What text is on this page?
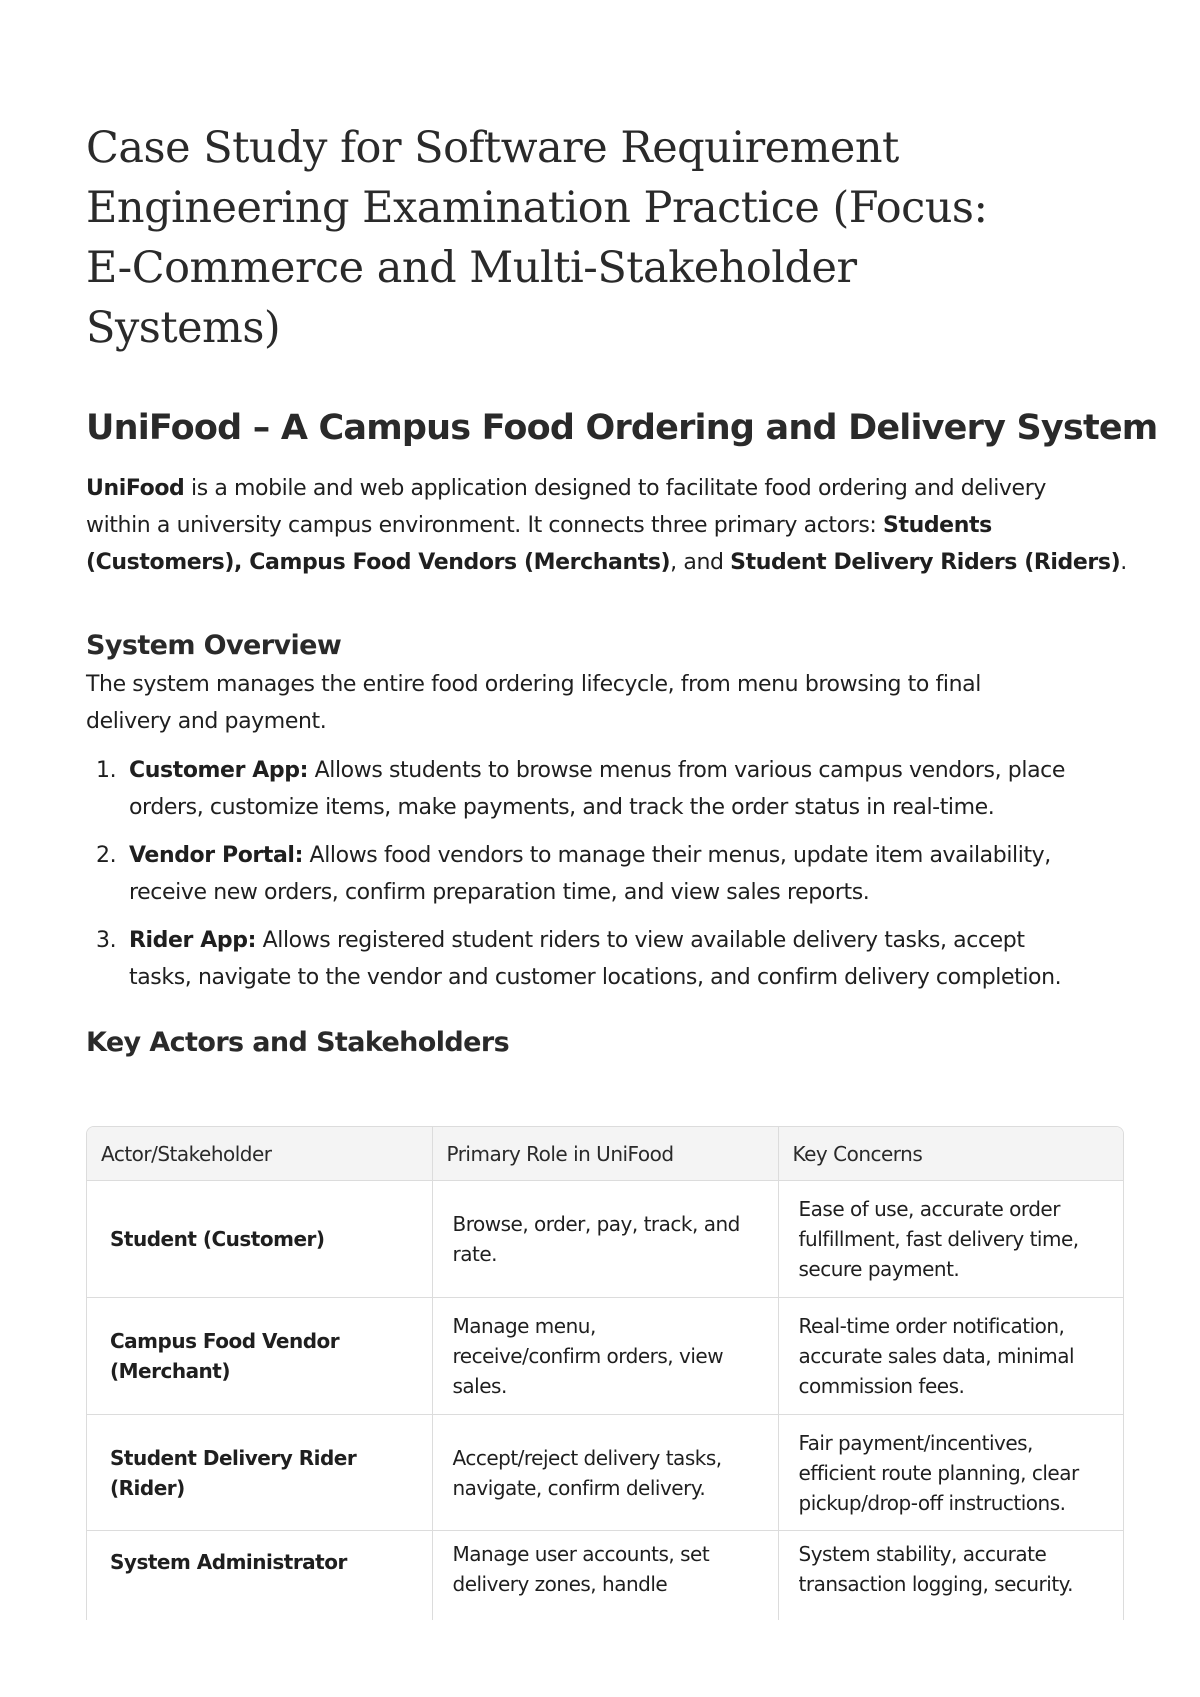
Case Study for Software Requirement
Engineering Examination Practice (Focus:
E-Commerce and Multi-Stakeholder
Systems)
UniFood – A Campus Food Ordering and Delivery System

UniFood is a mobile and web application designed to facilitate food ordering and delivery
within a university campus environment. It connects three primary actors: Students
(Customers), Campus Food Vendors (Merchants), and Student Delivery Riders (Riders).

System Overview

The system manages the entire food ordering lifecycle, from menu browsing to final
delivery and payment.

1. Customer App: Allows students to browse menus from various campus vendors, place
orders, customize items, make payments, and track the order status in real-time.
2. Vendor Portal: Allows food vendors to manage their menus, update item availability,
receive new orders, confirm preparation time, and view sales reports.
3. Rider App: Allows registered student riders to view available delivery tasks, accept
tasks, navigate to the vendor and customer locations, and confirm delivery completion.
Key Actors and Stakeholders
Actor/Stakeholder	Primary Role in UniFood	Key Concerns

Student (Customer)	Browse, order, pay, track, and
rate.	Ease of use, accurate order
fulfillment, fast delivery time,
secure payment.

Campus Food Vendor
(Merchant)	Manage menu,
receive/confirm orders, view
sales.	Real-time order notification,
accurate sales data, minimal
commission fees.

Student Delivery Rider
(Rider)	Accept/reject delivery tasks,
navigate, confirm delivery.	Fair payment/incentives,
efficient route planning, clear
pickup/drop-off instructions.

System Administrator	Manage user accounts, set
delivery zones, handle	System stability, accurate
transaction logging, security.
